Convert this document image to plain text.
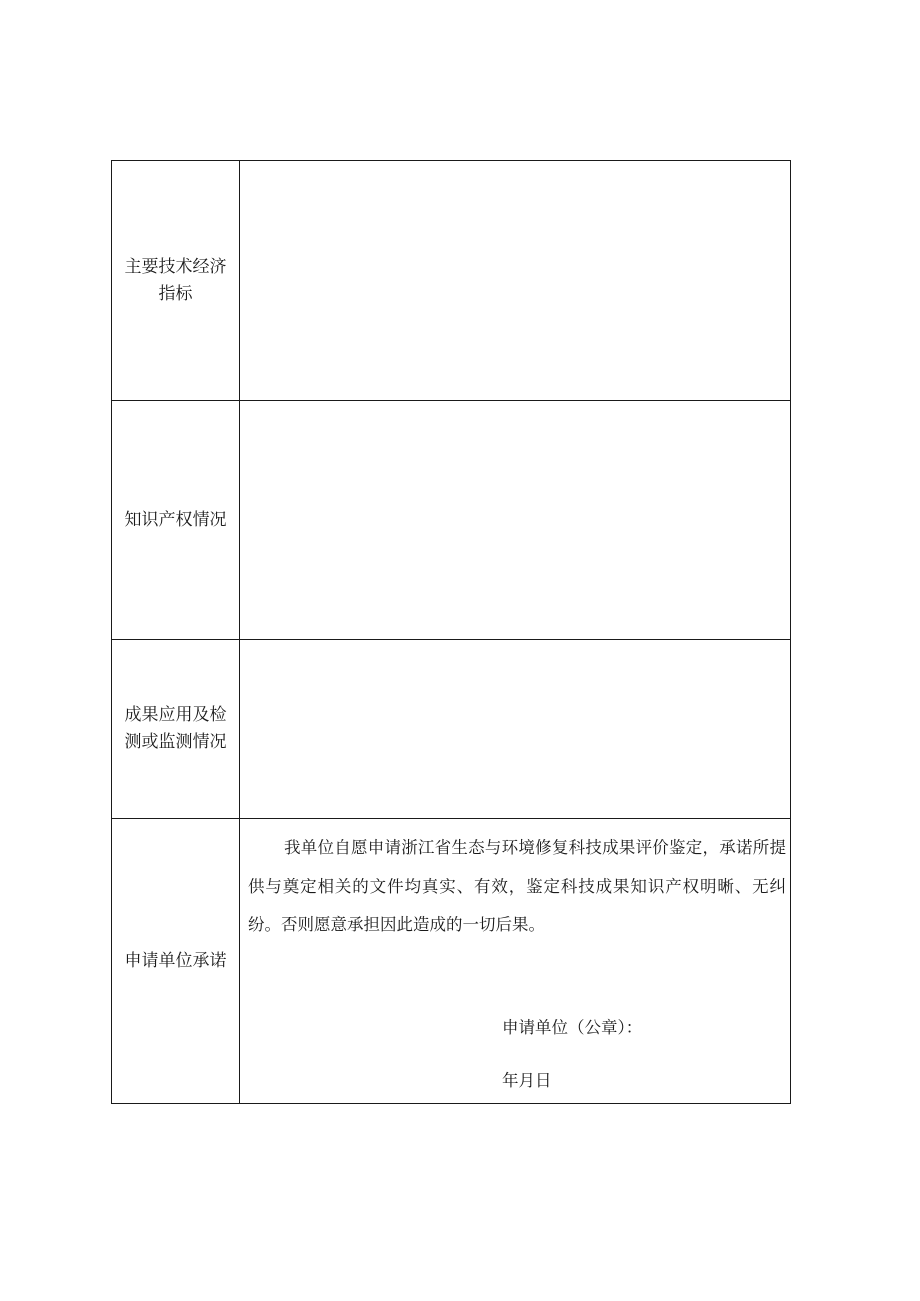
主要技术经济
指标	

知识产权情况	

成果应用及检
测或监测情况	

申请单位承诺	我单位自愿申请浙江省生态与环境修复科技成果评价鉴定，承诺所提供与奠定相关的文件均真实、有效，鉴定科技成果知识产权明晰、无纠纷。否则愿意承担因此造成的一切后果。

申请单位（公章）：
年月日
